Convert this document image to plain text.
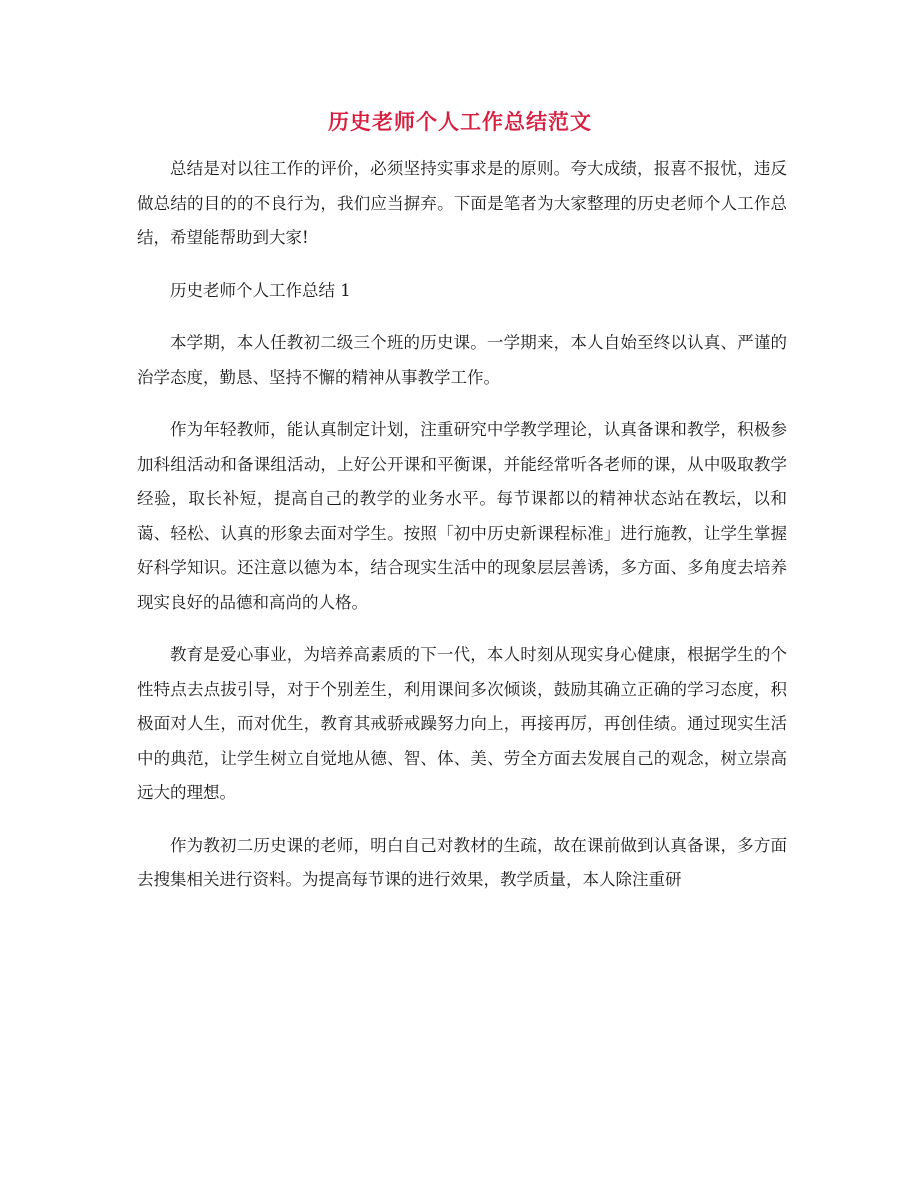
历史老师个人工作总结范文

总结是对以往工作的评价，必须坚持实事求是的原则。夸大成绩，报喜不报忧，违反做总结的目的的不良行为，我们应当摒弃。下面是笔者为大家整理的历史老师个人工作总结，希望能帮助到大家!

历史老师个人工作总结 1

本学期，本人任教初二级三个班的历史课。一学期来，本人自始至终以认真、严谨的治学态度，勤恳、坚持不懈的精神从事教学工作。

作为年轻教师，能认真制定计划，注重研究中学教学理论，认真备课和教学，积极参加科组活动和备课组活动，上好公开课和平衡课，并能经常听各老师的课，从中吸取教学经验，取长补短，提高自己的教学的业务水平。每节课都以的精神状态站在教坛，以和蔼、轻松、认真的形象去面对学生。按照「初中历史新课程标准」进行施教，让学生掌握好科学知识。还注意以德为本，结合现实生活中的现象层层善诱，多方面、多角度去培养现实良好的品德和高尚的人格。

教育是爱心事业，为培养高素质的下一代，本人时刻从现实身心健康，根据学生的个性特点去点拔引导，对于个别差生，利用课间多次倾谈，鼓励其确立正确的学习态度，积极面对人生，而对优生，教育其戒骄戒躁努力向上，再接再厉，再创佳绩。通过现实生活中的典范，让学生树立自觉地从德、智、体、美、劳全方面去发展自己的观念，树立崇高远大的理想。

作为教初二历史课的老师，明白自己对教材的生疏，故在课前做到认真备课，多方面去搜集相关进行资料。为提高每节课的进行效果，教学质量，本人除注重研
